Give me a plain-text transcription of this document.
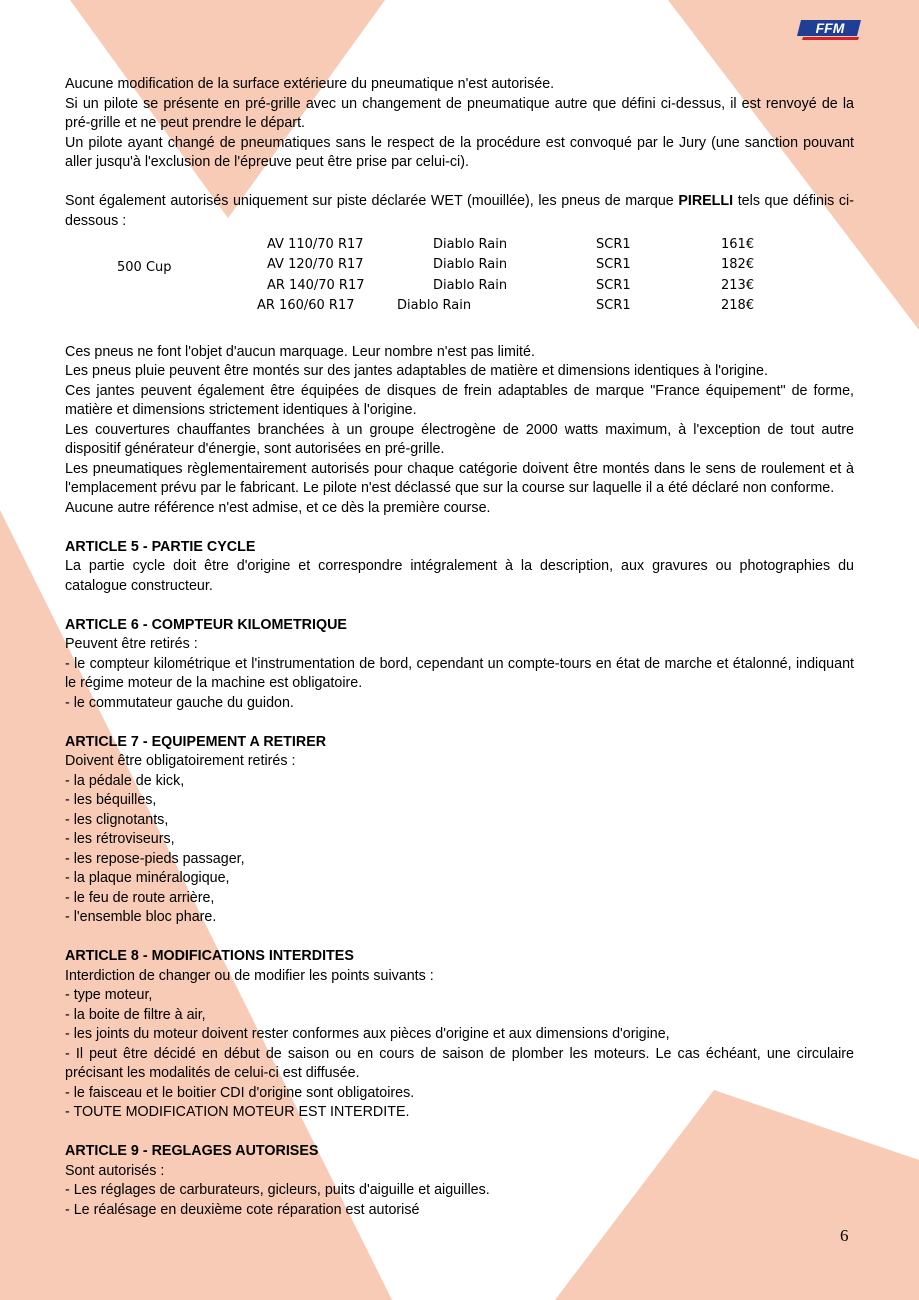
FFM

Aucune modification de la surface extérieure du pneumatique n'est autorisée.

Si un pilote se présente en pré-grille avec un changement de pneumatique autre que défini ci-dessus, il est renvoyé de la pré-grille et ne peut prendre le départ.

Un pilote ayant changé de pneumatiques sans le respect de la procédure est convoqué par le Jury (une sanction pouvant aller jusqu'à l'exclusion de l'épreuve peut être prise par celui-ci).

Sont également autorisés uniquement sur piste déclarée WET (mouillée), les pneus de marque PIRELLI tels que définis ci-dessous :

500 Cup
AV 110/70 R17	Diablo Rain	SCR1	161€
AV 120/70 R17	Diablo Rain	SCR1	182€
AR 140/70 R17	Diablo Rain	SCR1	213€
AR 160/60 R17	Diablo Rain	SCR1	218€

Ces pneus ne font l'objet d'aucun marquage. Leur nombre n'est pas limité.

Les pneus pluie peuvent être montés sur des jantes adaptables de matière et dimensions identiques à l'origine.

Ces jantes peuvent également être équipées de disques de frein adaptables de marque "France équipement" de forme, matière et dimensions strictement identiques à l'origine.

Les couvertures chauffantes branchées à un groupe électrogène de 2000 watts maximum, à l'exception de tout autre dispositif générateur d'énergie, sont autorisées en pré-grille.

Les pneumatiques règlementairement autorisés pour chaque catégorie doivent être montés dans le sens de roulement et à l'emplacement prévu par le fabricant. Le pilote n'est déclassé que sur la course sur laquelle il a été déclaré non conforme.

Aucune autre référence n'est admise, et ce dès la première course.

ARTICLE 5 - PARTIE CYCLE

La partie cycle doit être d'origine et correspondre intégralement à la description, aux gravures ou photographies du catalogue constructeur.

ARTICLE 6 - COMPTEUR KILOMETRIQUE

Peuvent être retirés :

- le compteur kilométrique et l'instrumentation de bord, cependant un compte-tours en état de marche et étalonné, indiquant le régime moteur de la machine est obligatoire.

- le commutateur gauche du guidon.

ARTICLE 7 - EQUIPEMENT A RETIRER

Doivent être obligatoirement retirés :

- la pédale de kick,

- les béquilles,

- les clignotants,

- les rétroviseurs,

- les repose-pieds passager,

- la plaque minéralogique,

- le feu de route arrière,

- l'ensemble bloc phare.

ARTICLE 8 - MODIFICATIONS INTERDITES

Interdiction de changer ou de modifier les points suivants :

- type moteur,

- la boite de filtre à air,

- les joints du moteur doivent rester conformes aux pièces d'origine et aux dimensions d'origine,

- Il peut être décidé en début de saison ou en cours de saison de plomber les moteurs. Le cas échéant, une circulaire précisant les modalités de celui-ci est diffusée.

- le faisceau et le boitier CDI d'origine sont obligatoires.

- TOUTE MODIFICATION MOTEUR EST INTERDITE.

ARTICLE 9 - REGLAGES AUTORISES

Sont autorisés :

- Les réglages de carburateurs, gicleurs, puits d'aiguille et aiguilles.

- Le réalésage en deuxième cote réparation est autorisé

6
